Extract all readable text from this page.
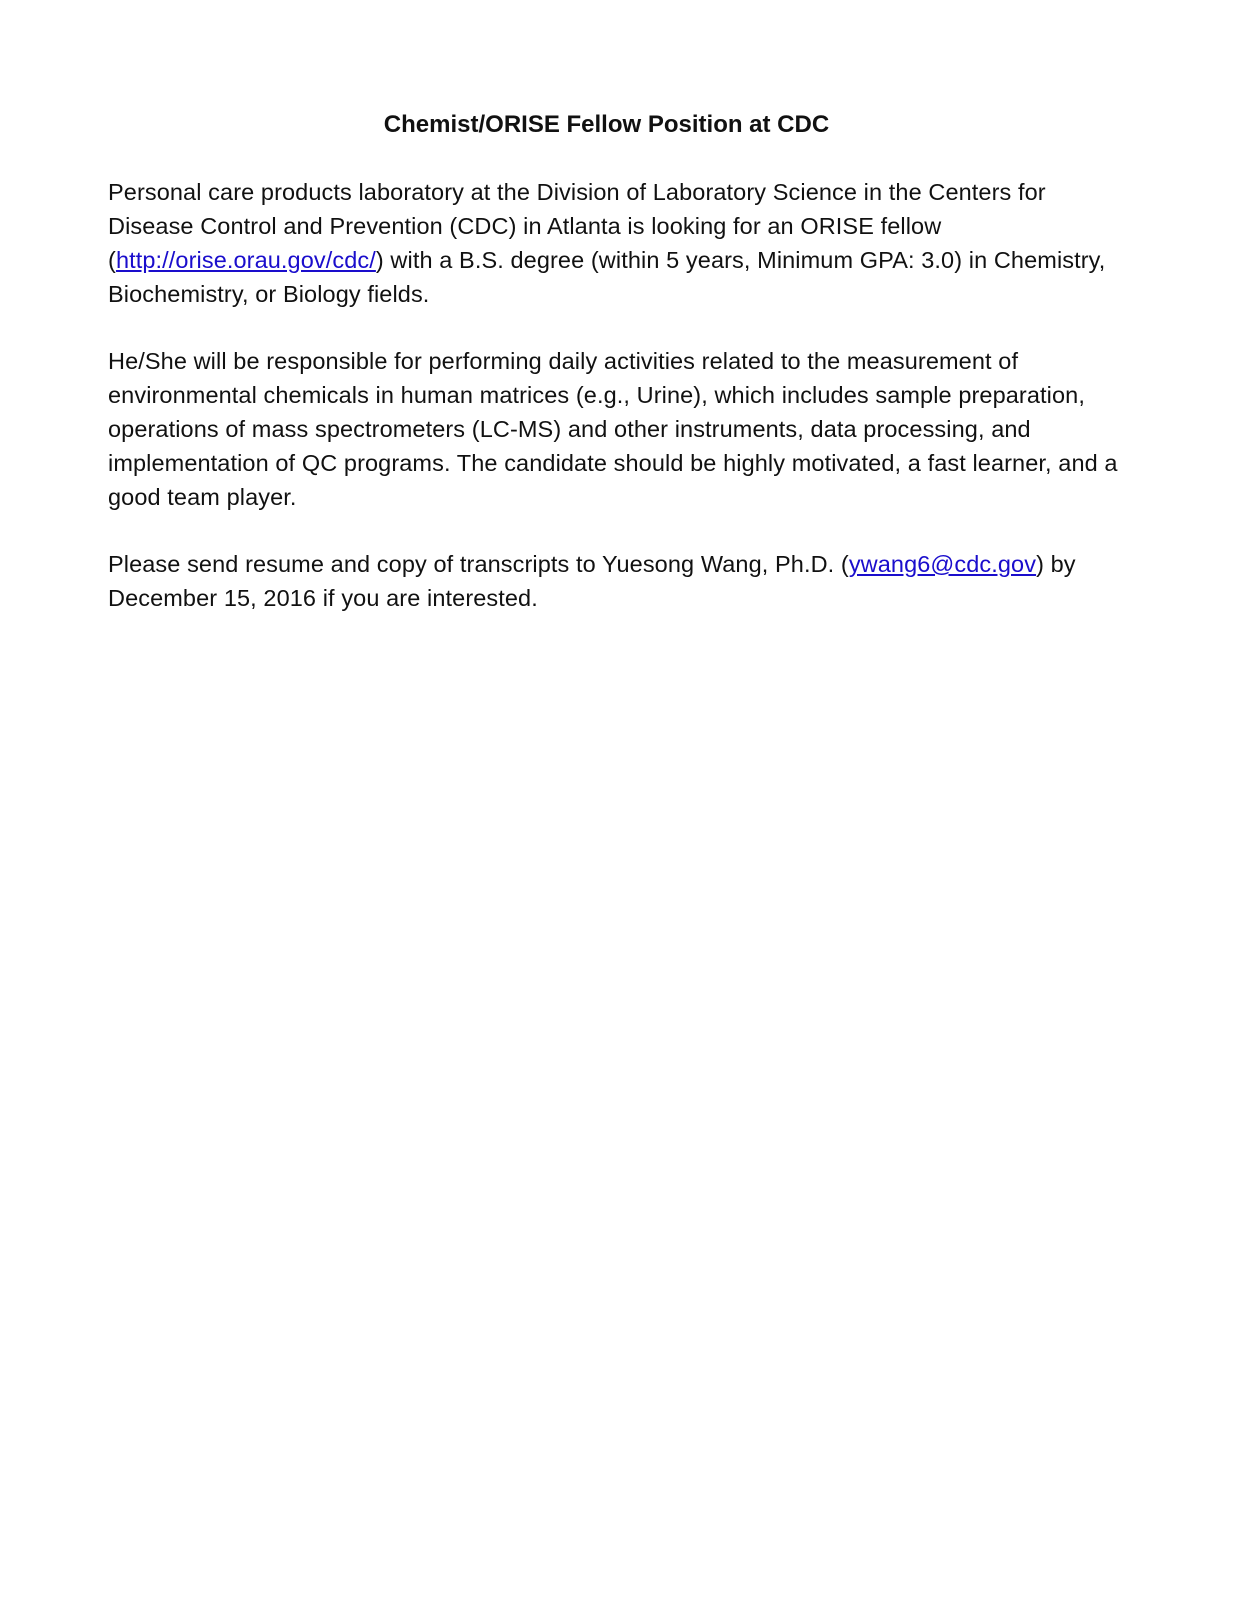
Chemist/ORISE Fellow Position at CDC

Personal care products laboratory at the Division of Laboratory Science in the Centers for Disease Control and Prevention (CDC) in Atlanta is looking for an ORISE fellow (http://orise.orau.gov/cdc/) with a B.S. degree (within 5 years, Minimum GPA: 3.0) in Chemistry, Biochemistry, or Biology fields.

He/She will be responsible for performing daily activities related to the measurement of environmental chemicals in human matrices (e.g., Urine), which includes sample preparation, operations of mass spectrometers (LC-MS) and other instruments, data processing, and implementation of QC programs. The candidate should be highly motivated, a fast learner, and a good team player.

Please send resume and copy of transcripts to Yuesong Wang, Ph.D. (ywang6@cdc.gov) by December 15, 2016 if you are interested.
